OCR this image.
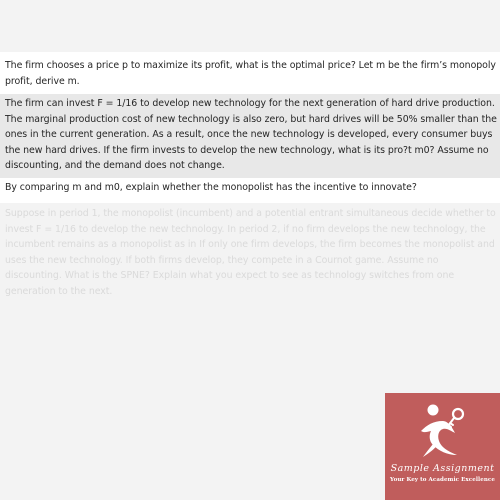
The firm chooses a price p to maximize its profit, what is the optimal price? Let m be the firm’s monopoly profit, derive m.
The firm can invest F = 1/16 to develop new technology for the next generation of hard drive production. The marginal production cost of new technology is also zero, but hard drives will be 50% smaller than the ones in the current generation. As a result, once the new technology is developed, every consumer buys the new hard drives. If the firm invests to develop the new technology, what is its pro?t m0? Assume no discounting, and the demand does not change.
By comparing m and m0, explain whether the monopolist has the incentive to innovate?
Suppose in period 1, the monopolist (incumbent) and a potential entrant simultaneous decide whether to invest F = 1/16 to develop the new technology. In period 2, if no firm develops the new technology, the incumbent remains as a monopolist as in If only one firm develops, the firm becomes the monopolist and uses the new technology. If both firms develop, they compete in a Cournot game. Assume no discounting. What is the SPNE? Explain what you expect to see as technology switches from one generation to the next.
Sample Assignment
Your Key to Academic Excellence
